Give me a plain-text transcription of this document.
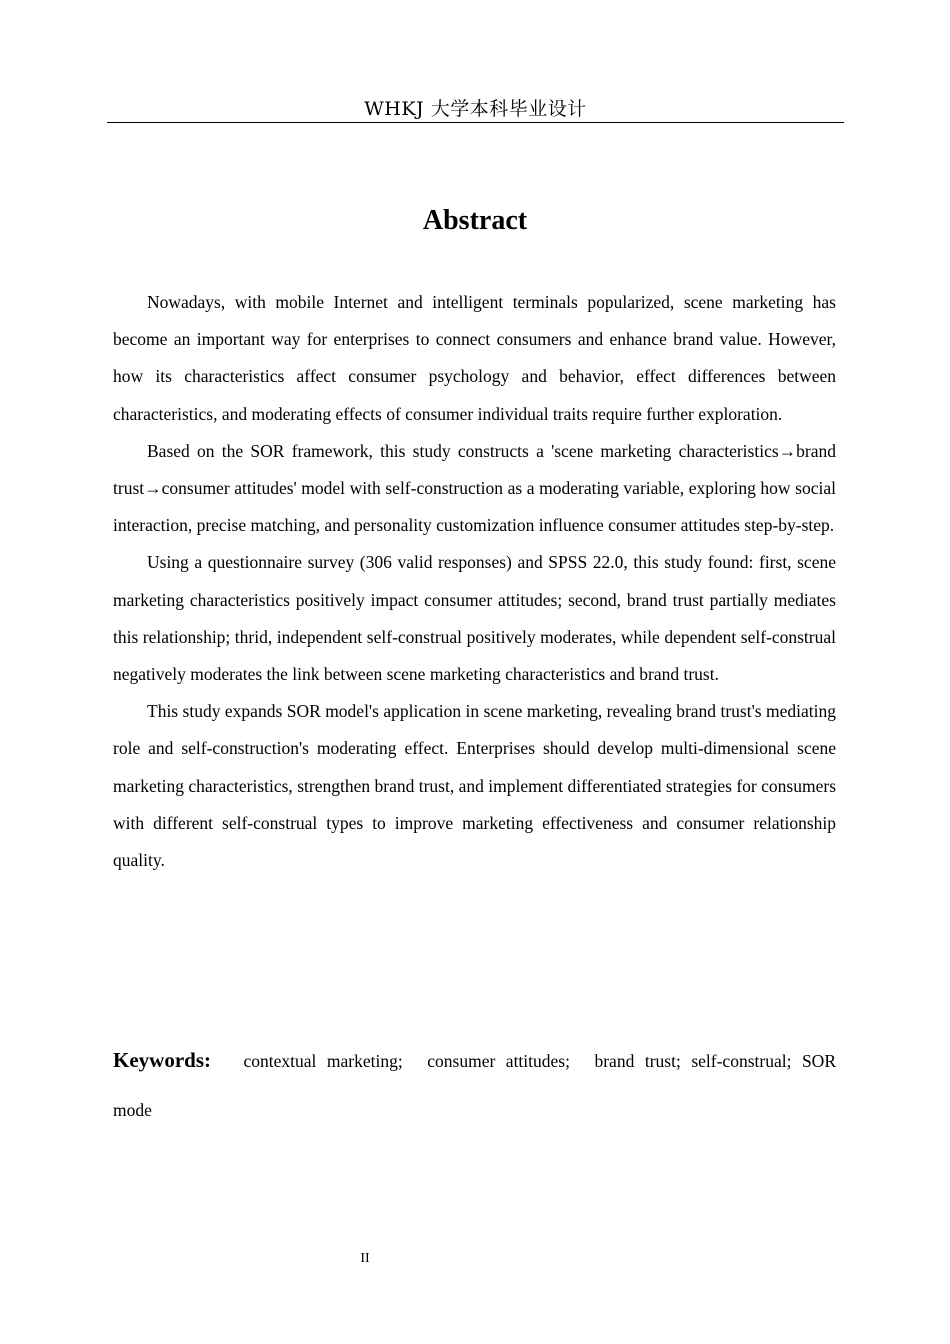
WHKJ 大学本科毕业设计
Abstract

Nowadays, with mobile Internet and intelligent terminals popularized, scene marketing has become an important way for enterprises to connect consumers and enhance brand value. However, how its characteristics affect consumer psychology and behavior, effect differences between characteristics, and moderating effects of consumer individual traits require further exploration.

Based on the SOR framework, this study constructs a 'scene marketing characteristics→brand trust→consumer attitudes' model with self-construction as a moderating variable, exploring how social interaction, precise matching, and personality customization influence consumer attitudes step-by-step.

Using a questionnaire survey (306 valid responses) and SPSS 22.0, this study found: first, scene marketing characteristics positively impact consumer attitudes; second, brand trust partially mediates this relationship; thrid, independent self-construal positively moderates, while dependent self-construal negatively moderates the link between scene marketing characteristics and brand trust.

This study expands SOR model's application in scene marketing, revealing brand trust's mediating role and self-construction's moderating effect. Enterprises should develop multi-dimensional scene marketing characteristics, strengthen brand trust, and implement differentiated strategies for consumers with different self-construal types to improve marketing effectiveness and consumer relationship quality.

Keywords: contextual marketing; consumer attitudes; brand trust; self-construal; SOR mode
II
